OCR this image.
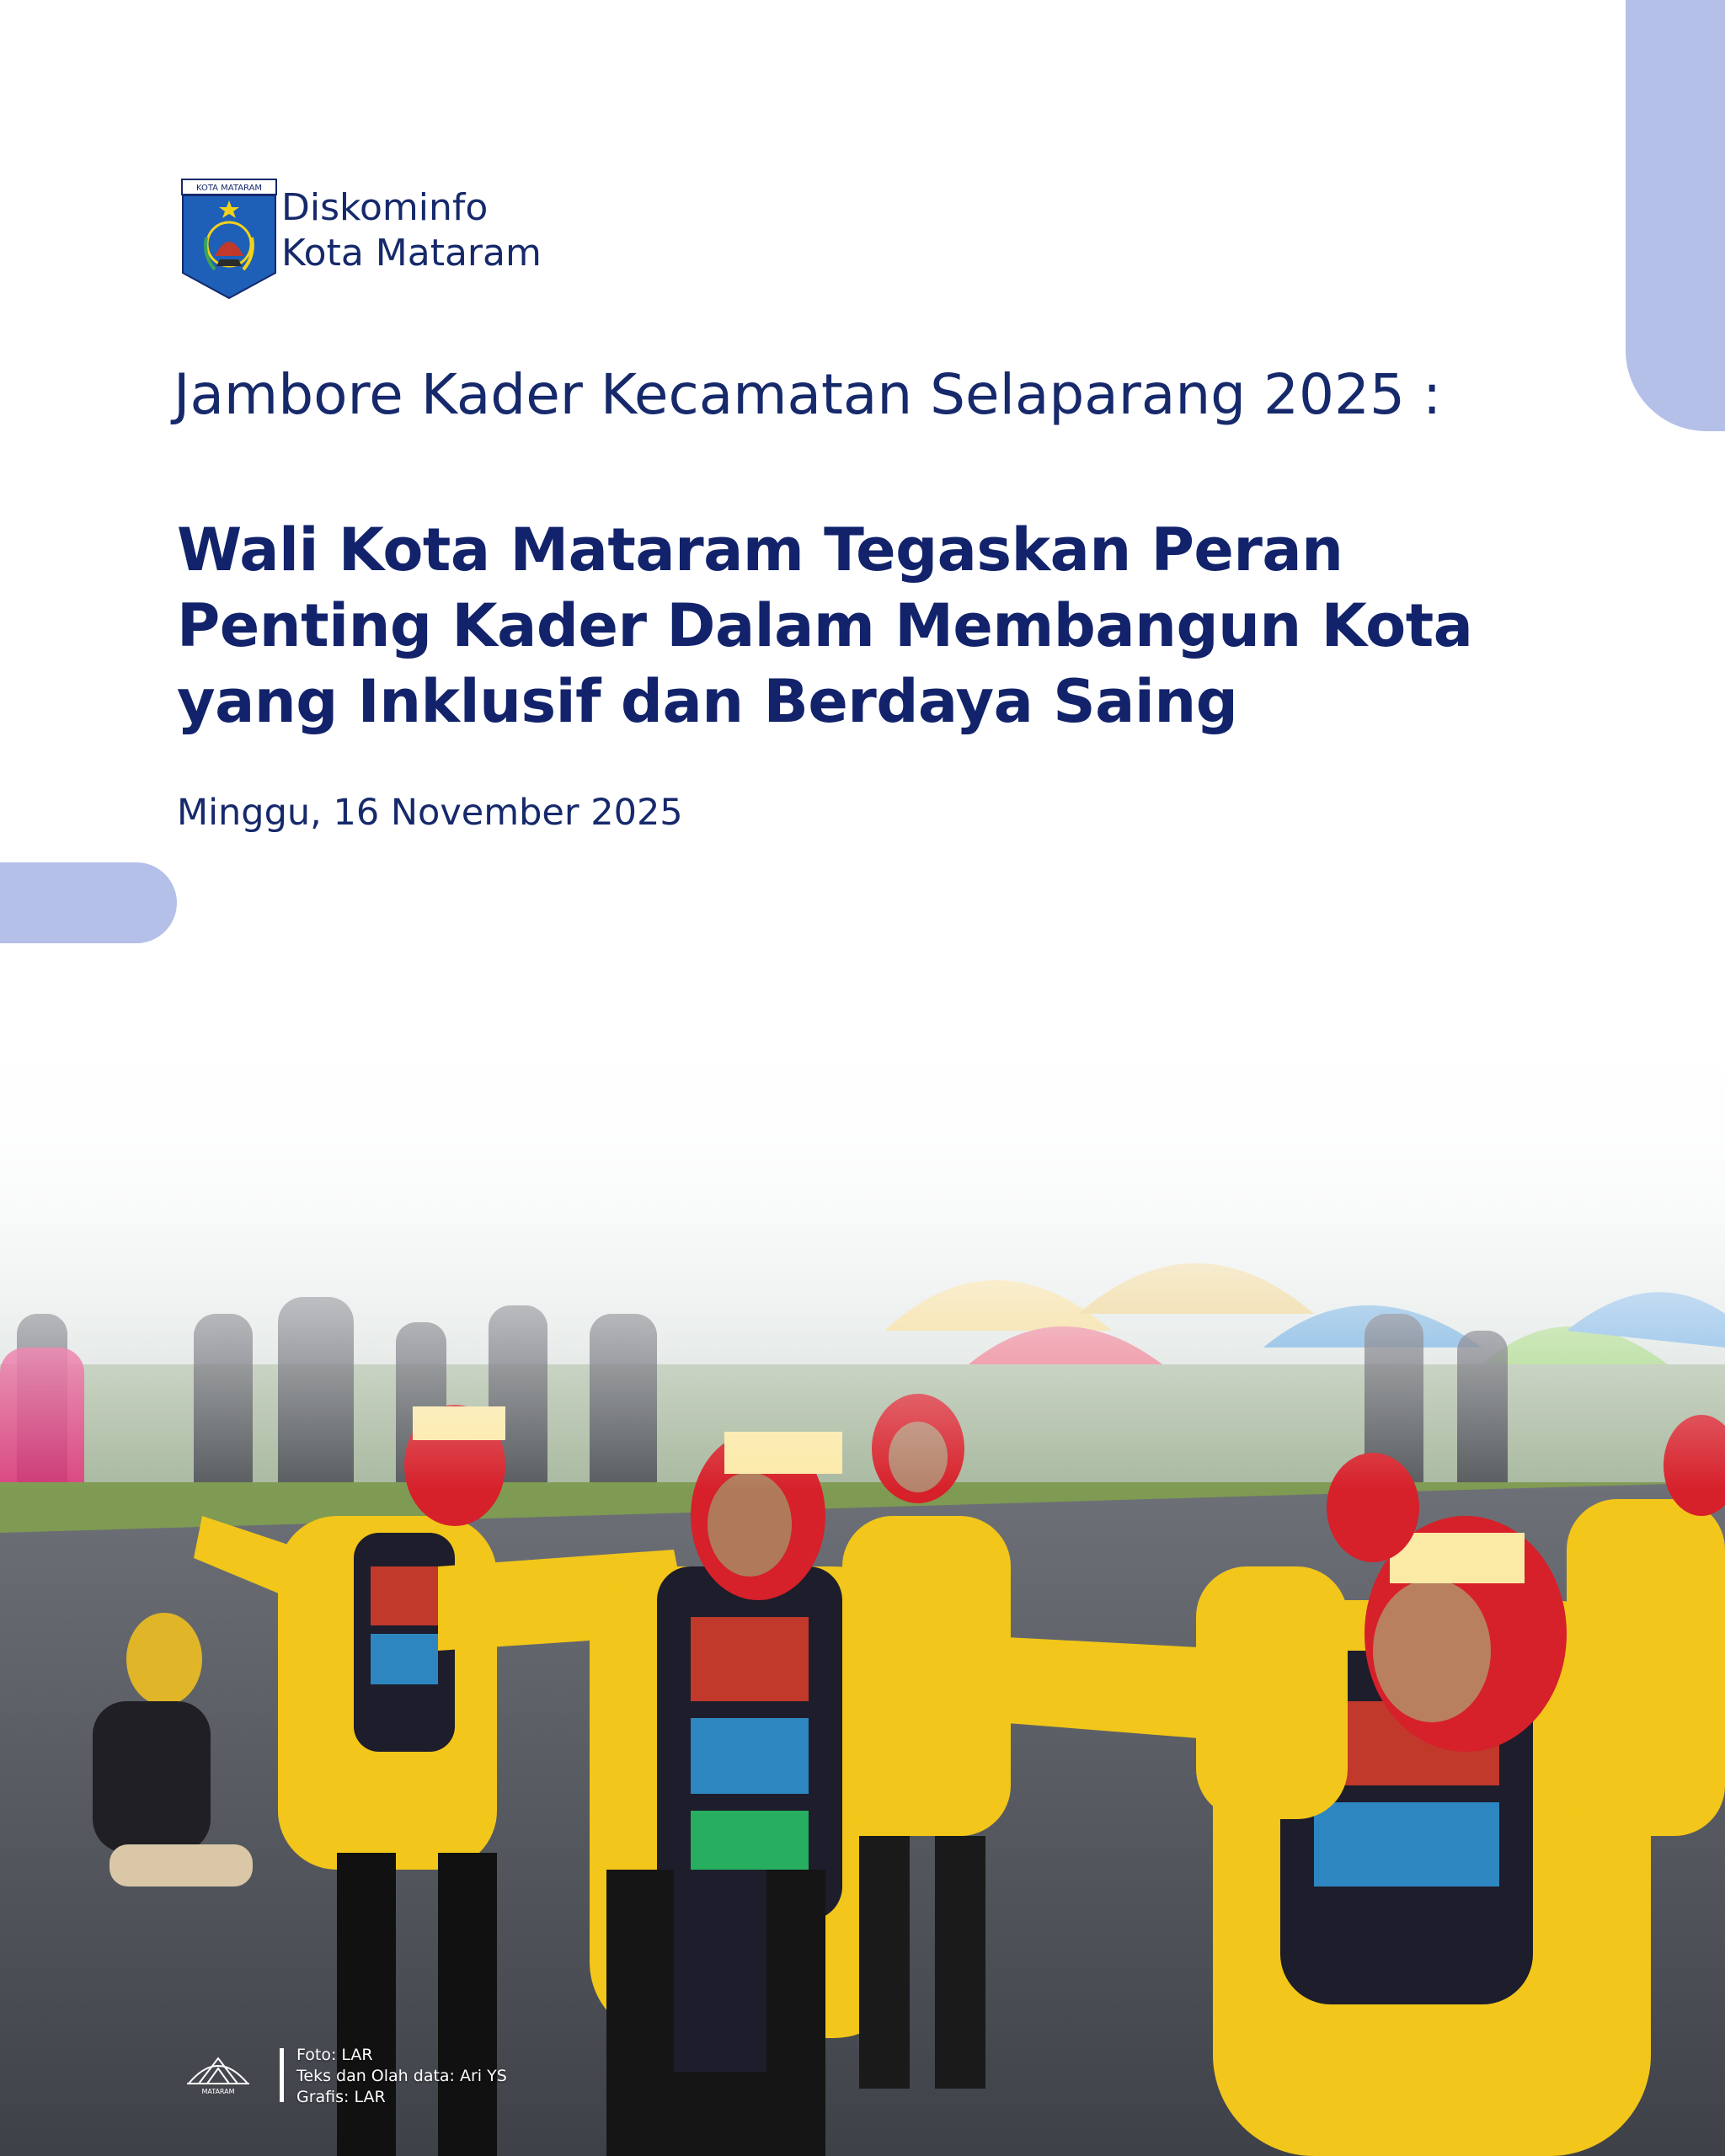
KOTA MATARAM Diskominfo
Kota Mataram
Jambore Kader Kecamatan Selaparang 2025 :
Wali Kota Mataram Tegaskan Peran Penting Kader Dalam Membangun Kota yang Inklusif dan Berdaya Saing
Minggu, 16 November 2025
MATARAM
Foto: LAR
Teks dan Olah data: Ari YS
Grafis: LAR
